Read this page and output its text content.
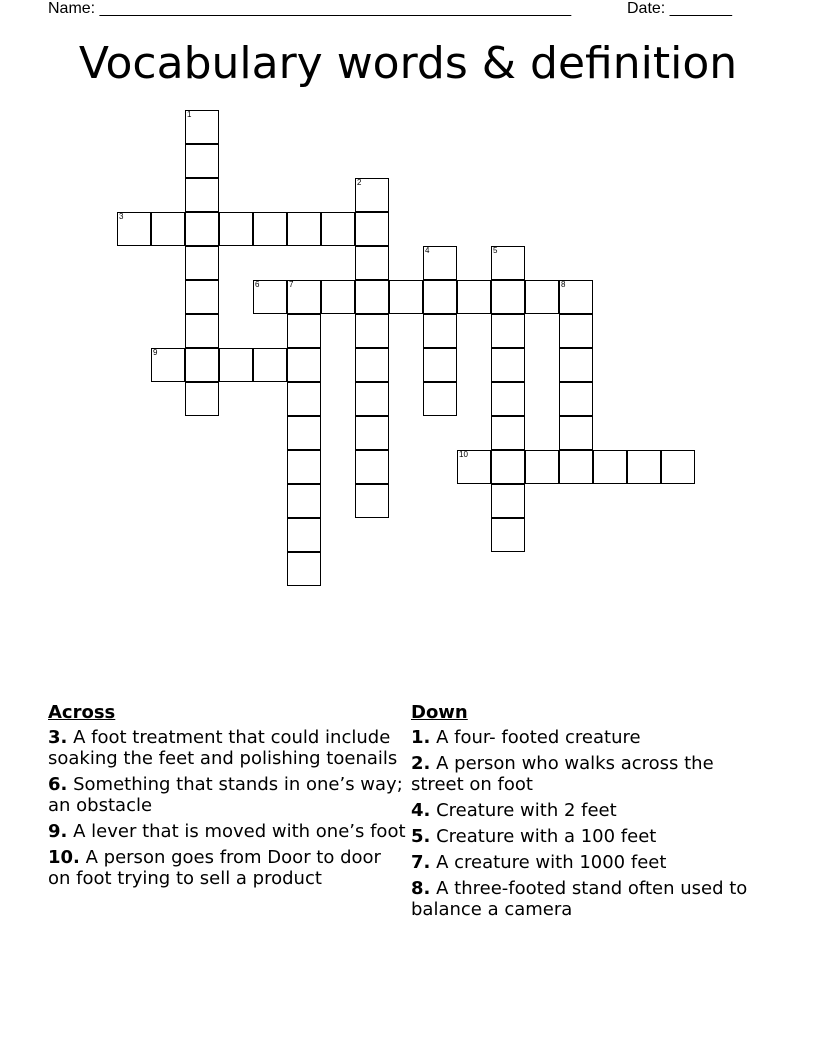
Name: _____________________________________________________	Date: _______
Vocabulary words & definition
1
2
3
4	5
6	7	8
9
10
Across
3. A foot treatment that could include soaking the feet and polishing toenails
6. Something that stands in one’s way; an obstacle
9. A lever that is moved with one’s foot
10. A person goes from Door to door on foot trying to sell a product
Down
1. A four- footed creature
2. A person who walks across the street on foot
4. Creature with 2 feet
5. Creature with a 100 feet
7. A creature with 1000 feet
8. A three-footed stand often used to balance a camera
